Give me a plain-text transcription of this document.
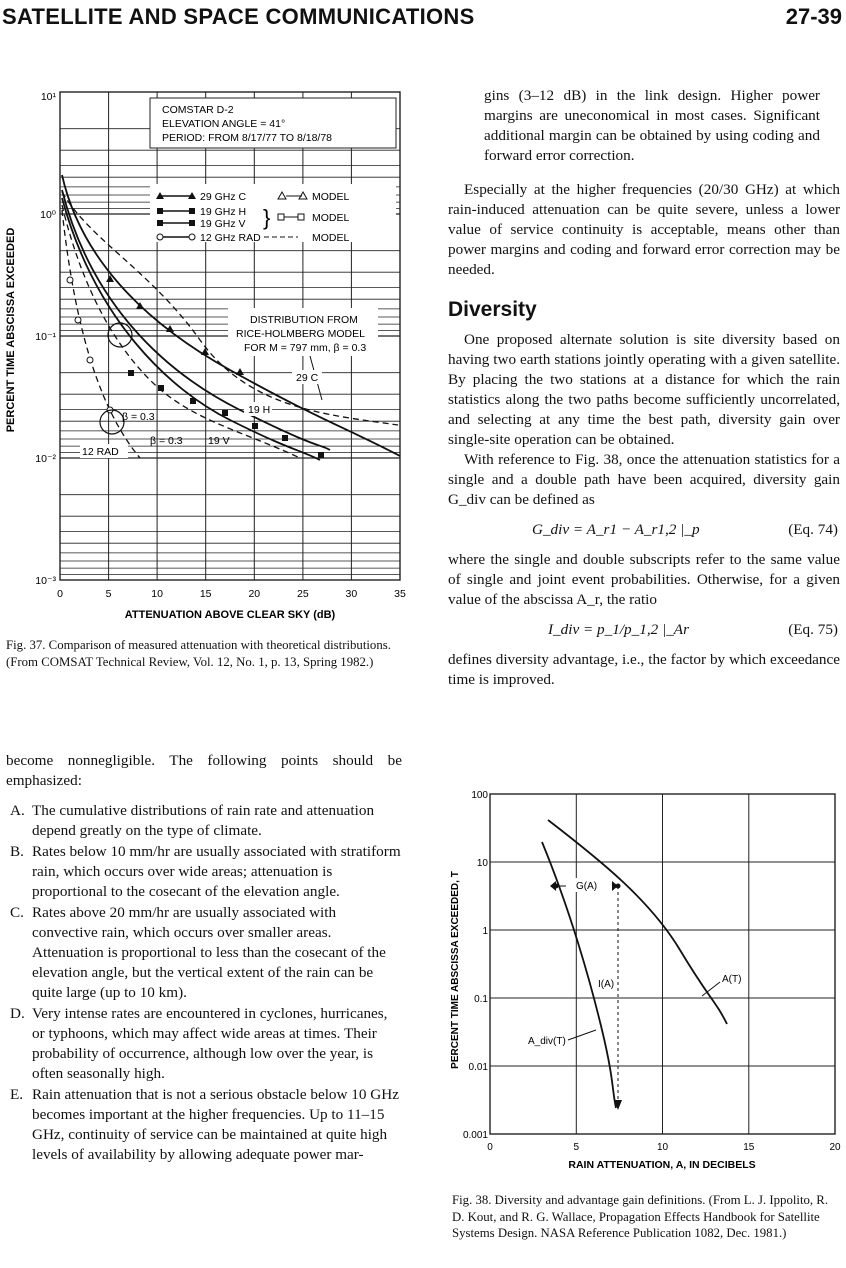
SATELLITE AND SPACE COMMUNICATIONS	27-39
COMSTAR D-2
ELEVATION ANGLE = 41°
PERIOD: FROM 8/17/77 TO 8/18/78
29 GHz C	MODEL
19 GHz H
19 GHz V }	MODEL
12 GHz RAD	MODEL
DISTRIBUTION FROM
RICE-HOLMBERG MODEL
FOR M = 797 mm, β = 0.3
29 C
19 H
β = 0.3
β = 0.3 19 V
12 RAD
10¹
10⁰
10⁻¹
10⁻²
10⁻³
0	5	10	15	20	25	30	35
ATTENUATION ABOVE CLEAR SKY (dB)
PERCENT TIME ABSCISSA EXCEEDED
Fig. 37. Comparison of measured attenuation with theoretical distributions. (From COMSAT Technical Review, Vol. 12, No. 1, p. 13, Spring 1982.)

become nonnegligible. The following points should be emphasized:

A. The cumulative distributions of rain rate and attenuation depend greatly on the type of climate.
B. Rates below 10 mm/hr are usually associated with stratiform rain, which occurs over wide areas; attenuation is proportional to the cosecant of the elevation angle.
C. Rates above 20 mm/hr are usually associated with convective rain, which occurs over smaller areas. Attenuation is proportional to less than the cosecant of the elevation angle, but the vertical extent of the rain can be quite large (up to 10 km).
D. Very intense rates are encountered in cyclones, hurricanes, or typhoons, which may affect wide areas at times. Their probability of occurrence, although low over the year, is often seasonally high.
E. Rain attenuation that is not a serious obstacle below 10 GHz becomes important at the higher frequencies. Up to 11–15 GHz, continuity of service can be maintained at quite high levels of availability by allowing adequate power mar-

gins (3–12 dB) in the link design. Higher power margins are uneconomical in most cases. Significant additional margin can be obtained by using coding and forward error correction.

Especially at the higher frequencies (20/30 GHz) at which rain-induced attenuation can be quite severe, unless a lower value of service continuity is acceptable, means other than power margins and coding and forward error correction may be needed.

Diversity

One proposed alternate solution is site diversity based on having two earth stations jointly operating with a given satellite. By placing the two stations at a distance for which the rain statistics along the two paths become sufficiently uncorrelated, and selecting at any time the best path, diversity gain over single-site operation can be obtained.

With reference to Fig. 38, once the attenuation statistics for a single and a double path have been acquired, diversity gain G_div can be defined as

G_div = A_r1 − A_r1,2 |_p	(Eq. 74)

where the single and double subscripts refer to the same value of single and joint event probabilities. Otherwise, for a given value of the abscissa A_r, the ratio

I_div = p_1/p_1,2 |_Ar	(Eq. 75)

defines diversity advantage, i.e., the factor by which exceedance time is improved.

G(A)
I(A)	A(T)
A_div(T)
100
10
1
0.1
0.01
0.001
0	5	10	15	20
RAIN ATTENUATION, A, IN DECIBELS
PERCENT TIME ABSCISSA EXCEEDED, T
Fig. 38. Diversity and advantage gain definitions. (From L. J. Ippolito, R. D. Kout, and R. G. Wallace, Propagation Effects Handbook for Satellite Systems Design. NASA Reference Publication 1082, Dec. 1981.)
